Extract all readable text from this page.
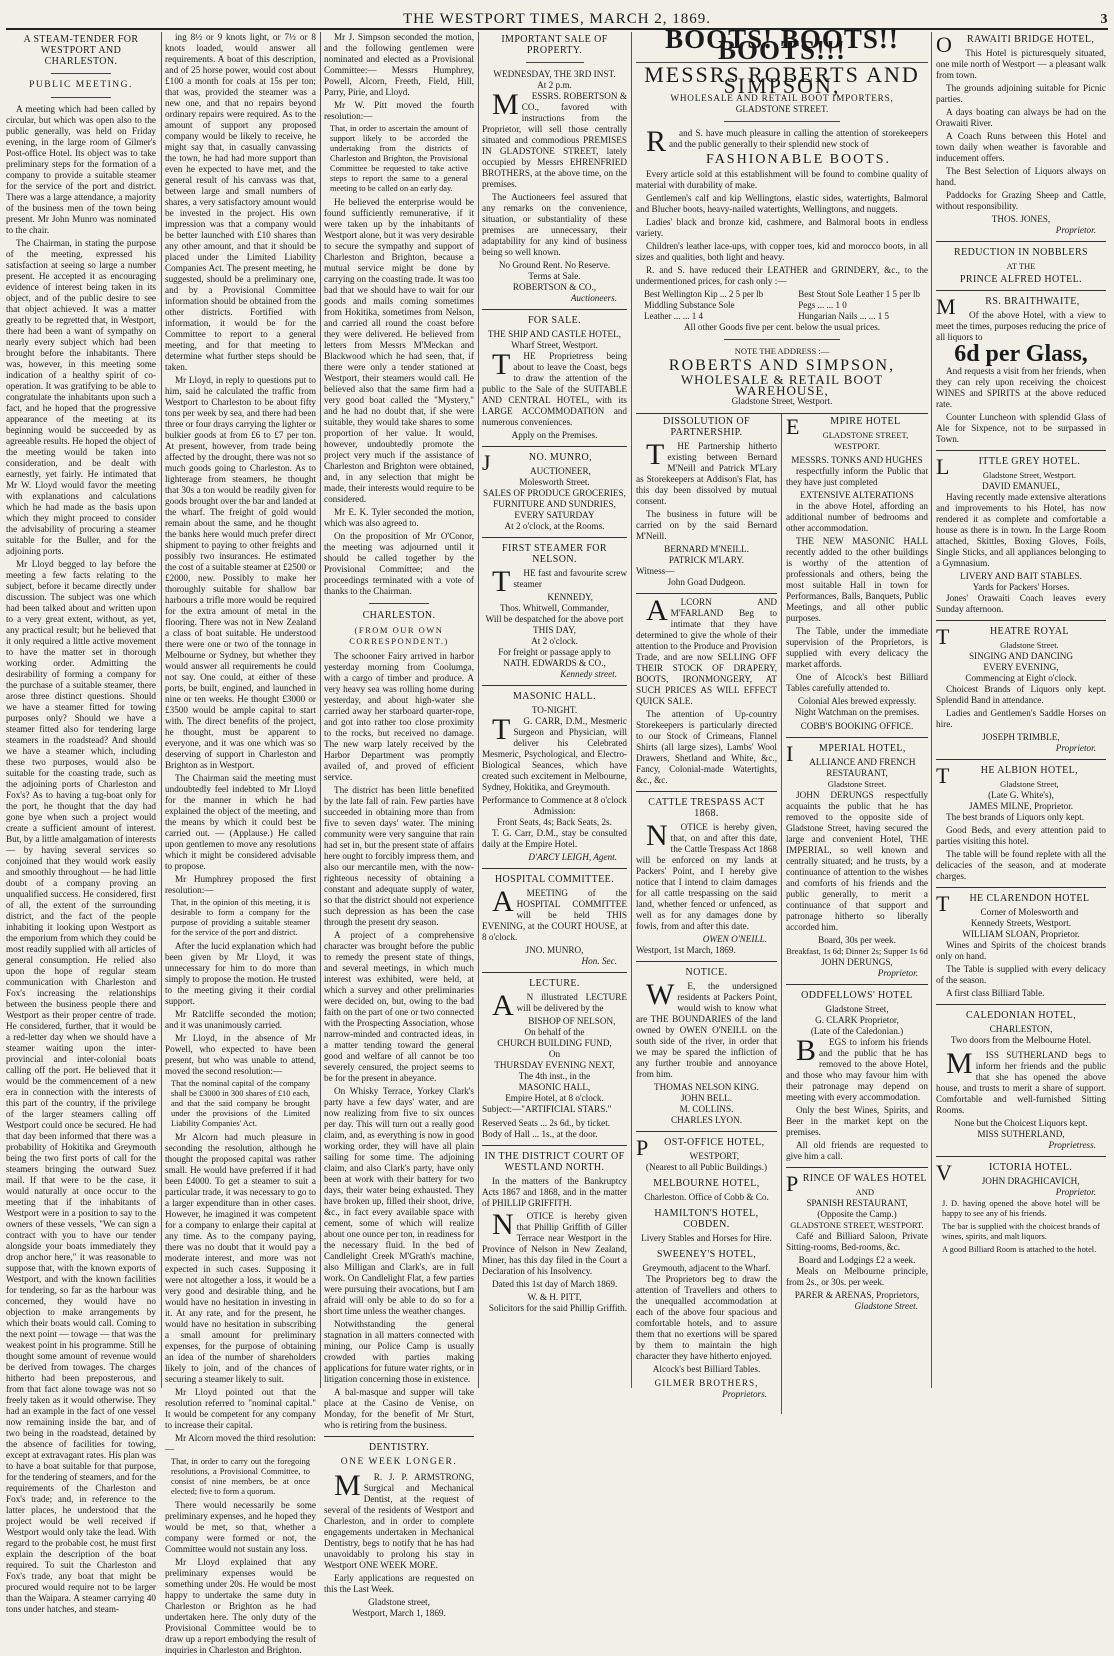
THE WESTPORT TIMES, MARCH 2, 1869.	3
A STEAM-TENDER FOR WESTPORT AND CHARLESTON.
PUBLIC MEETING.

A meeting which had been called by circular, but which was open also to the public generally, was held on Friday evening, in the large room of Gilmer's Post-office Hotel. Its object was to take preliminary steps for the formation of a company to provide a suitable steamer for the service of the port and district. There was a large attendance, a majority of the business men of the town being present. Mr John Munro was nominated to the chair.

The Chairman, in stating the purpose of the meeting, expressed his satisfaction at seeing so large a number present. He accepted it as encouraging evidence of interest being taken in its object, and of the public desire to see that object achieved. It was a matter greatly to be regretted that, in Westport, there had been a want of sympathy on nearly every subject which had been brought before the inhabitants. There was, however, in this meeting some indication of a healthy spirit of co-operation. It was gratifying to be able to congratulate the inhabitants upon such a fact, and he hoped that the progressive appearance of the meeting at its beginning would be succeeded by as agreeable results. He hoped the object of the meeting would be taken into consideration, and be dealt with earnestly, yet fairly. He intimated that Mr W. Lloyd would favor the meeting with explanations and calculations which he had made as the basis upon which they might proceed to consider the advisability of procuring a steamer suitable for the Buller, and for the adjoining ports.

Mr Lloyd begged to lay before the meeting a few facts relating to the subject, before it became directly under discussion. The subject was one which had been talked about and written upon to a very great extent, without, as yet, any practical result; but he believed that it only required a little active movement to have the matter set in thorough working order. Admitting the desirability of forming a company for the purchase of a suitable steamer, there arose three distinct questions. Should we have a steamer fitted for towing purposes only? Should we have a steamer fitted also for tendering large steamers in the roadstead? And should we have a steamer which, including these two purposes, would also be suitable for the coasting trade, such as the adjoining ports of Charleston and Fox's? As to having a tug-boat only for the port, he thought that the day had gone bye when such a project would create a sufficient amount of interest. But, by a little amalgamation of interests — by having several services so conjoined that they would work easily and smoothly throughout — he had little doubt of a company proving an unqualified success. He considered, first of all, the extent of the surrounding district, and the fact of the people inhabiting it looking upon Westport as the emporium from which they could be most readily supplied with all articles of general consumption. He relied also upon the hope of regular steam communication with Charleston and Fox's increasing the relationships between the business people there and Westport as their proper centre of trade. He considered, further, that it would be a red-letter day when we should have a steamer waiting upon the inter-provincial and inter-colonial boats calling off the port. He believed that it would be the commencement of a new era in connection with the interests of this part of the country, if the privilege of the larger steamers calling off Westport could once be secured. He had that day been informed that there was a probability of Hokitika and Greymouth being the two first ports of call for the steamers bringing the outward Suez mail. If that were to be the case, it would naturally at once occur to the meeting that if the inhabitants of Westport were in a position to say to the owners of these vessels, "We can sign a contract with you to have our tender alongside your boats immediately they drop anchor here," it was reasonable to suppose that, with the known exports of Westport, and with the known facilities for tendering, so far as the harbour was concerned, they would have no objection to make arrangements by which their boats would call. Coming to the next point — towage — that was the weakest point in his programme. Still he thought some amount of revenue would be derived from towages. The charges hitherto had been preposterous, and from that fact alone towage was not so freely taken as it would otherwise. They had an example in the fact of one vessel now remaining inside the bar, and of two being in the roadstead, detained by the absence of facilities for towing, except at extravagant rates. His plan was to have a boat suitable for that purpose, for the tendering of steamers, and for the requirements of the Charleston and Fox's trade; and, in reference to the latter places, he understood that the project would be well received if Westport would only take the lead. With regard to the probable cost, he must first explain the description of the boat required. To suit the Charleston and Fox's trade, any boat that might be procured would require not to be larger than the Waipara. A steamer carrying 40 tons under hatches, and steam-

ing 8½ or 9 knots light, or 7½ or 8 knots loaded, would answer all requirements. A boat of this description, and of 25 horse power, would cost about £100 a month for coals at 15s per ton; that was, provided the steamer was a new one, and that no repairs beyond ordinary repairs were required. As to the amount of support any proposed company would be likely to receive, he might say that, in casually canvassing the town, he had had more support than even he expected to have met, and the general result of his canvass was that, between large and small numbers of shares, a very satisfactory amount would be invested in the project. His own impression was that a company would be better launched with £10 shares than any other amount, and that it should be placed under the Limited Liability Companies Act. The present meeting, he suggested, should be a preliminary one, and by a Provisional Committee information should be obtained from the other districts. Fortified with information, it would be for the Committee to report to a general meeting, and for that meeting to determine what further steps should be taken.

Mr Lloyd, in reply to questions put to him, said he calculated the traffic from Westport to Charleston to be about fifty tons per week by sea, and there had been three or four drays carrying the lighter or bulkier goods at from £6 to £7 per ton. At present, however, from trade being affected by the drought, there was not so much goods going to Charleston. As to lighterage from steamers, he thought that 30s a ton would be readily given for goods brought over the bar and landed at the wharf. The freight of gold would remain about the same, and he thought the banks here would much prefer direct shipment to paying to other freights and possibly two insurances. He estimated the cost of a suitable steamer at £2500 or £2000, new. Possibly to make her thoroughly suitable for shallow bar harbours a trifle more would be required for the extra amount of metal in the flooring. There was not in New Zealand a class of boat suitable. He understood there were one or two of the tonnage in Melbourne or Sydney, but whether they would answer all requirements he could not say. One could, at either of these ports, be built, engined, and launched in nine or ten weeks. He thought £3000 or £3500 would be ample capital to start with. The direct benefits of the project, he thought, must be apparent to everyone, and it was one which was so deserving of support in Charleston and Brighton as in Westport.

The Chairman said the meeting must undoubtedly feel indebted to Mr Lloyd for the manner in which he had explained the object of the meeting, and the means by which it could best be carried out. — (Applause.) He called upon gentlemen to move any resolutions which it might be considered advisable to propose.

Mr Humphrey proposed the first resolution:—

That, in the opinion of this meeting, it is desirable to form a company for the purpose of providing a suitable steamer for the service of the port and district.

After the lucid explanation which had been given by Mr Lloyd, it was unnecessary for him to do more than simply to propose the motion. He trusted to the meeting giving it their cordial support.

Mr Ratcliffe seconded the motion; and it was unanimously carried.

Mr Lloyd, in the absence of Mr Powell, who expected to have been present, but who was unable to attend, moved the second resolution:—

That the nominal capital of the company shall be £3000 in 300 shares of £10 each, and that the said company be brought under the provisions of the Limited Liability Companies' Act.

Mr Alcorn had much pleasure in seconding the resolution, although he thought the proposed capital was rather small. He would have preferred if it had been £4000. To get a steamer to suit a particular trade, it was necessary to go to a larger expenditure than in other cases. However, he imagined it was competent for a company to enlarge their capital at any time. As to the company paying, there was no doubt that it would pay a moderate interest, and more was not expected in such cases. Supposing it were not altogether a loss, it would be a very good and desirable thing, and he would have no hesitation in investing in it. At any rate, and for the present, he would have no hesitation in subscribing a small amount for preliminary expenses, for the purpose of obtaining an idea of the number of shareholders likely to join, and of the chances of securing a steamer likely to suit.

Mr Lloyd pointed out that the resolution referred to "nominal capital." It would be competent for any company to increase their capital.

Mr Alcorn moved the third resolution:—

That, in order to carry out the foregoing resolutions, a Provisional Committee, to consist of nine members, be at once elected; five to form a quorum.

There would necessarily be some preliminary expenses, and he hoped they would be met, so that, whether a company were formed or not, the Committee would not sustain any loss.

Mr Lloyd explained that any preliminary expenses would be something under 20s. He would be most happy to undertake the same duty in Charleston or Brighton as he had undertaken here. The only duty of the Provisional Committee would be to draw up a report embodying the result of inquiries in Charleston and Brighton.

Mr J. Simpson seconded the motion, and the following gentlemen were nominated and elected as a Provisional Committee:— Messrs Humphrey, Powell, Alcorn, Freeth, Field, Hill, Parry, Pirie, and Lloyd.

Mr W. Pitt moved the fourth resolution:—

That, in order to ascertain the amount of support likely to be accorded the undertaking from the districts of Charleston and Brighton, the Provisional Committee be requested to take active steps to report the same to a general meeting to be called on an early day.

He believed the enterprise would be found sufficiently remunerative, if it were taken up by the inhabitants of Westport alone, but it was very desirable to secure the sympathy and support of Charleston and Brighton, because a mutual service might be done by carrying on the coasting trade. It was too bad that we should have to wait for our goods and mails coming sometimes from Hokitika, sometimes from Nelson, and carried all round the coast before they were delivered. He believed from letters from Messrs M'Meckan and Blackwood which he had seen, that, if there were only a tender stationed at Westport, their steamers would call. He believed also that the same firm had a very good boat called the "Mystery," and he had no doubt that, if she were suitable, they would take shares to some proportion of her value. It would, however, undoubtedly promote the project very much if the assistance of Charleston and Brighton were obtained, and, in any selection that might be made, their interests would require to be considered.

Mr E. K. Tyler seconded the motion, which was also agreed to.

On the proposition of Mr O'Conor, the meeting was adjourned until it should be called together by the Provisional Committee; and the proceedings terminated with a vote of thanks to the Chairman.

CHARLESTON.
(FROM OUR OWN CORRESPONDENT.)

The schooner Fairy arrived in harbor yesterday morning from Coolumga, with a cargo of timber and produce. A very heavy sea was rolling home during yesterday, and about high-water she carried away her starboard quarter-rope, and got into rather too close proximity to the rocks, but received no damage. The new warp lately received by the Harbor Department was promptly availed of, and proved of efficient service.

The district has been little benefited by the late fall of rain. Few parties have succeeded in obtaining more than from five to seven days' water. The mining community were very sanguine that rain had set in, but the present state of affairs here ought to forcibly impress them, and also our mercantile men, with the now-righteous necessity of obtaining a constant and adequate supply of water, so that the district should not experience such depression as has been the case through the present dry season.

A project of a comprehensive character was brought before the public to remedy the present state of things, and several meetings, in which much interest was exhibited, were held, at which a survey and other preliminaries were decided on, but, owing to the bad faith on the part of one or two connected with the Prospecting Association, whose narrow-minded and contracted ideas, in a matter tending toward the general good and welfare of all cannot be too severely censured, the project seems to be for the present in abeyance.

On Whisky Terrace, Yorkey Clark's party have a few days' water, and are now realizing from five to six ounces per day. This will turn out a really good claim, and, as everything is now in good working order, they will have all plain sailing for some time. The adjoining claim, and also Clark's party, have only been at work with their battery for two days, their water being exhausted. They have broken up, filled their shoot, drive, &c., in fact every available space with cement, some of which will realize about one ounce per ton, in readiness for the necessary fluid. In the bed of Candlelight Creek M'Grath's machine, also Milligan and Clark's, are in full work. On Candlelight Flat, a few parties were pursuing their avocations, but I am afraid will only be able to do so for a short time unless the weather changes.

Notwithstanding the general stagnation in all matters connected with mining, our Police Camp is usually crowded with parties making applications for future water rights, or in litigation concerning those in existence.

A bal-masque and supper will take place at the Casino de Venise, on Monday, for the benefit of Mr Sturt, who is retiring from the business.

DENTISTRY.
ONE WEEK LONGER.

M R. J. P. ARMSTRONG, Surgical and Mechanical Dentist, at the request of several of the residents of Westport and Charleston, and in order to complete engagements undertaken in Mechanical Dentistry, begs to notify that he has had unavoidably to prolong his stay in Westport ONE WEEK MORE.

Early applications are requested on this the Last Week.

Gladstone street,
Westport, March 1, 1869.
IMPORTANT SALE OF PROPERTY.
WEDNESDAY, THE 3RD INST.
At 2 p.m.

M ESSRS. ROBERTSON & CO., favored with instructions from the Proprietor, will sell those centrally situated and commodious PREMISES IN GLADSTONE STREET, lately occupied by Messrs EHRENFRIED BROTHERS, at the above time, on the premises.

The Auctioneers feel assured that any remarks on the convenience, situation, or substantiality of these premises are unnecessary, their adaptability for any kind of business being so well known.

No Ground Rent. No Reserve.
Terms at Sale.
ROBERTSON & CO.,
Auctioneers.
FOR SALE.
THE SHIP AND CASTLE HOTEL,
Wharf Street, Westport.

T HE Proprietress being about to leave the Coast, begs to draw the attention of the public to the Sale of the SUITABLE AND CENTRAL HOTEL, with its LARGE ACCOMMODATION and numerous conveniences.

Apply on the Premises.
J	NO. MUNRO,
AUCTIONEER,
Molesworth Street.
SALES OF PRODUCE GROCERIES, FURNITURE AND SUNDRIES,
EVERY SATURDAY
At 2 o'clock, at the Rooms.
FIRST STEAMER FOR NELSON.

T HE fast and favourite screw steamer

KENNEDY,
Thos. Whitwell, Commander,
Will be despatched for the above port
THIS DAY,
At 2 o'clock.
For freight or passage apply to
NATH. EDWARDS & CO.,
Kennedy street.
MASONIC HALL.
TO-NIGHT.

T G. CARR, D.M., Mesmeric Surgeon and Physician, will deliver his Celebrated Mesmeric, Psychological, and Electro-Biological Seances, which have created such excitement in Melbourne, Sydney, Hokitika, and Greymouth.

Performance to Commence at 8 o'clock
Admission:
Front Seats, 4s; Back Seats, 2s.

T. G. Carr, D.M., stay be consulted daily at the Empire Hotel.

D'ARCY LEIGH, Agent.
HOSPITAL COMMITTEE.

A MEETING of the HOSPITAL COMMITTEE will be held THIS EVENING, at the COURT HOUSE, at 8 o'clock.

JNO. MUNRO,
Hon. Sec.
LECTURE.

A N illustrated LECTURE will be delivered by the

BISHOP OF NELSON,
On behalf of the
CHURCH BUILDING FUND,
On
THURSDAY EVENING NEXT,
The 4th inst., in the
MASONIC HALL,
Empire Hotel, at 8 o'clock.
Subject:—"ARTIFICIAL STARS."
Reserved Seats ... 2s 6d., by ticket.
Body of Hall ... 1s., at the door.
IN THE DISTRICT COURT OF WESTLAND NORTH.

In the matters of the Bankruptcy Acts 1867 and 1868, and in the matter of PHILLIP GRIFFITH.

N OTICE is hereby given that Phillip Griffith of Giller Terrace near Westport in the Province of Nelson in New Zealand, Miner, has this day filed in the Court a Declaration of his Insolvency.

Dated this 1st day of March 1869.

W. & H. PITT,
Solicitors for the said Phillip Griffith.
BOOTS! BOOTS!! BOOTS!!!
MESSRS ROBERTS AND SIMPSON,
WHOLESALE AND RETAIL BOOT IMPORTERS,
GLADSTONE STREET.

R and S. have much pleasure in calling the attention of storekeepers and the public generally to their splendid new stock of

FASHIONABLE BOOTS.

Every article sold at this establishment will be found to combine quality of material with durability of make.

Gentlemen's calf and kip Wellingtons, elastic sides, watertights, Balmoral and Blucher boots, heavy-nailed watertights, Wellingtons, and nuggets.

Ladies' black and bronze kid, cashmere, and Balmoral boots in endless variety.

Children's leather lace-ups, with copper toes, kid and morocco boots, in all sizes and qualities, both light and heavy.

R. and S. have reduced their LEATHER and GRINDERY, &c., to the undermentioned prices, for cash only :—

Best Wellington Kip ... 2 5 per lb
Middling Substance Sole
Leather ... ... 1 4
Best Stout Sole Leather 1 5 per lb
Pegs ... ... 1 0
Hungarian Nails ... ... 1 5
All other Goods five per cent. below the usual prices.
NOTE THE ADDRESS :—
ROBERTS AND SIMPSON,
WHOLESALE & RETAIL BOOT WAREHOUSE,
Gladstone Street, Westport.
DISSOLUTION OF PARTNERSHIP.

T HE Partnership hitherto existing between Bernard M'Neill and Patrick M'Lary as Storekeepers at Addison's Flat, has this day been dissolved by mutual consent.

The business in future will be carried on by the said Bernard M'Neill.

BERNARD M'NEILL.
PATRICK M'LARY.
Witness—
John Goad Dudgeon.

A LCORN AND M'FARLAND Beg to intimate that they have determined to give the whole of their attention to the Produce and Provision Trade, and are now SELLING OFF THEIR STOCK OF DRAPERY, BOOTS, IRONMONGERY, AT SUCH PRICES AS WILL EFFECT QUICK SALE.

The attention of Up-country Storekeepers is particularly directed to our Stock of Crimeans, Flannel Shirts (all large sizes), Lambs' Wool Drawers, Shetland and White, &c., Fancy, Colonial-made Watertights, &c., &c.

CATTLE TRESPASS ACT 1868.

N OTICE is hereby given, that, on and after this date, the Cattle Trespass Act 1868 will be enforced on my lands at Packers' Point, and I hereby give notice that I intend to claim damages for all cattle trespassing on the said land, whether fenced or unfenced, as well as for any damages done by fowls, from and after this date.

OWEN O'NEILL.
Westport, 1st March, 1869.
NOTICE.

W E, the undersigned residents at Packers Point, would wish to know what are THE BOUNDARIES of the land owned by OWEN O'NEILL on the south side of the river, in order that we may be spared the infliction of any further trouble and annoyance from him.

THOMAS NELSON KING.
JOHN BELL.
M. COLLINS.
CHARLES LYON.
P OST-OFFICE HOTEL,
WESTPORT,
(Nearest to all Public Buildings.)
MELBOURNE HOTEL,
Charleston. Office of Cobb & Co.
HAMILTON'S HOTEL, COBDEN.
Livery Stables and Horses for Hire.
SWEENEY'S HOTEL,
Greymouth, adjacent to the Wharf.

The Proprietors beg to draw the attention of Travellers and others to the unequalled accommodation at each of the above four spacious and comfortable hotels, and to assure them that no exertions will be spared by them to maintain the high character they have hitherto enjoyed.

Alcock's best Billiard Tables.
GILMER BROTHERS,
Proprietors.
E	MPIRE HOTEL
GLADSTONE STREET,
WESTPORT.
MESSRS. TONKS AND HUGHES

respectfully inform the Public that they have just completed

EXTENSIVE ALTERATIONS

in the above Hotel, affording an additional number of bedrooms and other accommodation.

THE NEW MASONIC HALL recently added to the other buildings is worthy of the attention of professionals and others, being the most suitable Hall in town for Performances, Balls, Banquets, Public Meetings, and all other public purposes.

The Table, under the immediate supervision of the Proprietors, is supplied with every delicacy the market affords.

One of Alcock's best Billiard Tables carefully attended to.

Colonial Ales brewed expressly.
Night Watchman on the premises.
COBB'S BOOKING OFFICE.
I	MPERIAL HOTEL,
ALLIANCE AND FRENCH RESTAURANT,
Gladstone Street.

JOHN DERUNGS respectfully acquaints the public that he has removed to the opposite side of Gladstone Street, having secured the large and convenient Hotel, THE IMPERIAL, so well known and centrally situated; and he trusts, by a continuance of attention to the wishes and comforts of his friends and the public generally, to merit a continuance of that support and patronage hitherto so liberally accorded him.

Board, 30s per week.
Breakfast, 1s 6d; Dinner 2s; Supper 1s 6d
JOHN DERUNGS,
Proprietor.
ODDFELLOWS' HOTEL
Gladstone Street,
G. CLARK Proprietor,
(Late of the Caledonian.)

B EGS to inform his friends and the public that he has removed to the above Hotel, and those who may favour him with their patronage may depend on meeting with every accommodation.

Only the best Wines, Spirits, and Beer in the market kept on the premises.

All old friends are requested to give him a call.

PRINCE OF WALES HOTEL
AND
SPANISH RESTAURANT,
(Opposite the Camp.)
GLADSTONE STREET, WESTPORT.

Café and Billiard Saloon, Private Sitting-rooms, Bed-rooms, &c.

Board and Lodgings £2 a week.

Meals on Melbourne principle, from 2s., or 30s. per week.

PARER & ARENAS, Proprietors,
Gladstone Street.
O RAWAITI BRIDGE HOTEL,

This Hotel is picturesquely situated, one mile north of Westport — a pleasant walk from town.

The grounds adjoining suitable for Picnic parties.

A days boating can always be had on the Orawaiti River.

A Coach Runs between this Hotel and town daily when weather is favorable and inducement offers.

The Best Selection of Liquors always on hand.

Paddocks for Grazing Sheep and Cattle, without responsibility.

THOS. JONES,
Proprietor.
REDUCTION IN NOBBLERS
AT THE
PRINCE ALFRED HOTEL.
M	RS. BRAITHWAITE,

Of the above Hotel, with a view to meet the times, purposes reducing the price of all liquors to

6d per Glass,

And requests a visit from her friends, when they can rely upon receiving the choicest WINES and SPIRITS at the above reduced rate.

Counter Luncheon with splendid Glass of Ale for Sixpence, not to be surpassed in Town.

L	ITTLE GREY HOTEL.
Gladstone Street, Westport.
DAVID EMANUEL,

Having recently made extensive alterations and improvements to his Hotel, has now rendered it as complete and comfortable a house as there is in town. In the Large Room attached, Skittles, Boxing Gloves, Foils, Single Sticks, and all appliances belonging to a Gymnasium.

LIVERY AND BAIT STABLES.
Yards for Packers' Horses.

Jones' Orawaiti Coach leaves every Sunday afternoon.

T	HEATRE ROYAL
Gladstone Street.
SINGING AND DANCING
EVERY EVENING,
Commencing at Eight o'clock.

Choicest Brands of Liquors only kept. Splendid Band in attendance.

Ladies and Gentlemen's Saddle Horses on hire.

JOSEPH TRIMBLE,
Proprietor.
T	HE ALBION HOTEL,
Gladstone Street,
(Late G. White's),
JAMES MILNE, Proprietor.

The best brands of Liquors only kept.

Good Beds, and every attention paid to parties visiting this hotel.

The table will be found replete with all the delicacies of the season, and at moderate charges.

T HE CLARENDON HOTEL
Corner of Molesworth and
Kennedy Streets, Westport.
WILLIAM SLOAN, Proprietor.

Wines and Spirits of the choicest brands only on hand.

The Table is supplied with every delicacy of the season.

A first class Billiard Table.

CALEDONIAN HOTEL,
CHARLESTON,
Two doors from the Melbourne Hotel.

M ISS SUTHERLAND begs to inform her friends and the public that she has opened the above house, and trusts to merit a share of support. Comfortable and well-furnished Sitting Rooms.

None but the Choicest Liquors kept.
MISS SUTHERLAND,
Proprietress.
V	ICTORIA HOTEL.
JOHN DRAGHICAVICH,
Proprietor.
J. D. having opened the above hotel will be happy to see any of his friends.
The bar is supplied with the choicest brands of wines, spirits, and malt liquors.
A good Billiard Room is attached to the hotel.
